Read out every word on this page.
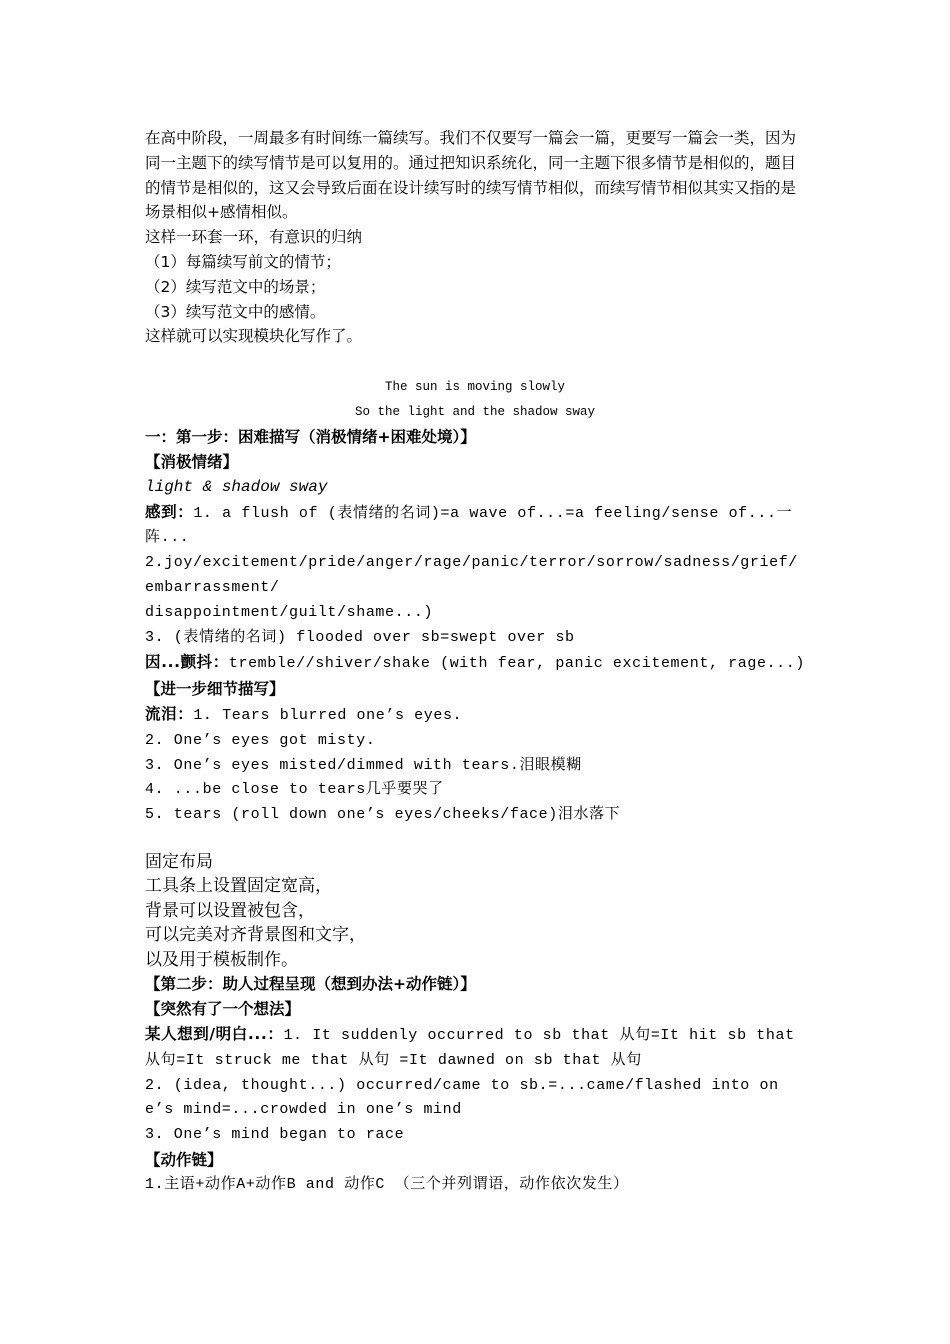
在高中阶段，一周最多有时间练一篇续写。我们不仅要写一篇会一篇，更要写一篇会一类，因为同一主题下的续写情节是可以复用的。通过把知识系统化，同一主题下很多情节是相似的，题目的情节是相似的，这又会导致后面在设计续写时的续写情节相似，而续写情节相似其实又指的是场景相似+感情相似。

这样一环套一环，有意识的归纳

（1）每篇续写前文的情节；

（2）续写范文中的场景；

（3）续写范文中的感情。

这样就可以实现模块化写作了。

The sun is moving slowly

So the light and the shadow sway

一：第一步：困难描写（消极情绪+困难处境）】

【消极情绪】

light & shadow sway

感到：1. a flush of (表情绪的名词)=a wave of...=a feeling/sense of...一阵...

2.joy/excitement/pride/anger/rage/panic/terror/sorrow/sadness/grief/embarrassment/

disappointment/guilt/shame...)

3. (表情绪的名词) flooded over sb=swept over sb

因...颤抖：tremble//shiver/shake (with fear, panic excitement, rage...)

【进一步细节描写】

流泪：1. Tears blurred one’s eyes.

2. One’s eyes got misty.

3. One’s eyes misted/dimmed with tears.泪眼模糊

4. ...be close to tears几乎要哭了

5. tears (roll down one’s eyes/cheeks/face)泪水落下

固定布局

工具条上设置固定宽高，

背景可以设置被包含，

可以完美对齐背景图和文字，

以及用于模板制作。

【第二步：助人过程呈现（想到办法+动作链）】

【突然有了一个想法】

某人想到/明白...：1. It suddenly occurred to sb that 从句=It hit sb that 从句=It struck me that 从句 =It dawned on sb that 从句

2. (idea, thought...) occurred/came to sb.=...came/flashed into one’s mind=...crowded in one’s mind

3. One’s mind began to race

【动作链】

1.主语+动作A+动作B and 动作C （三个并列谓语，动作依次发生）
